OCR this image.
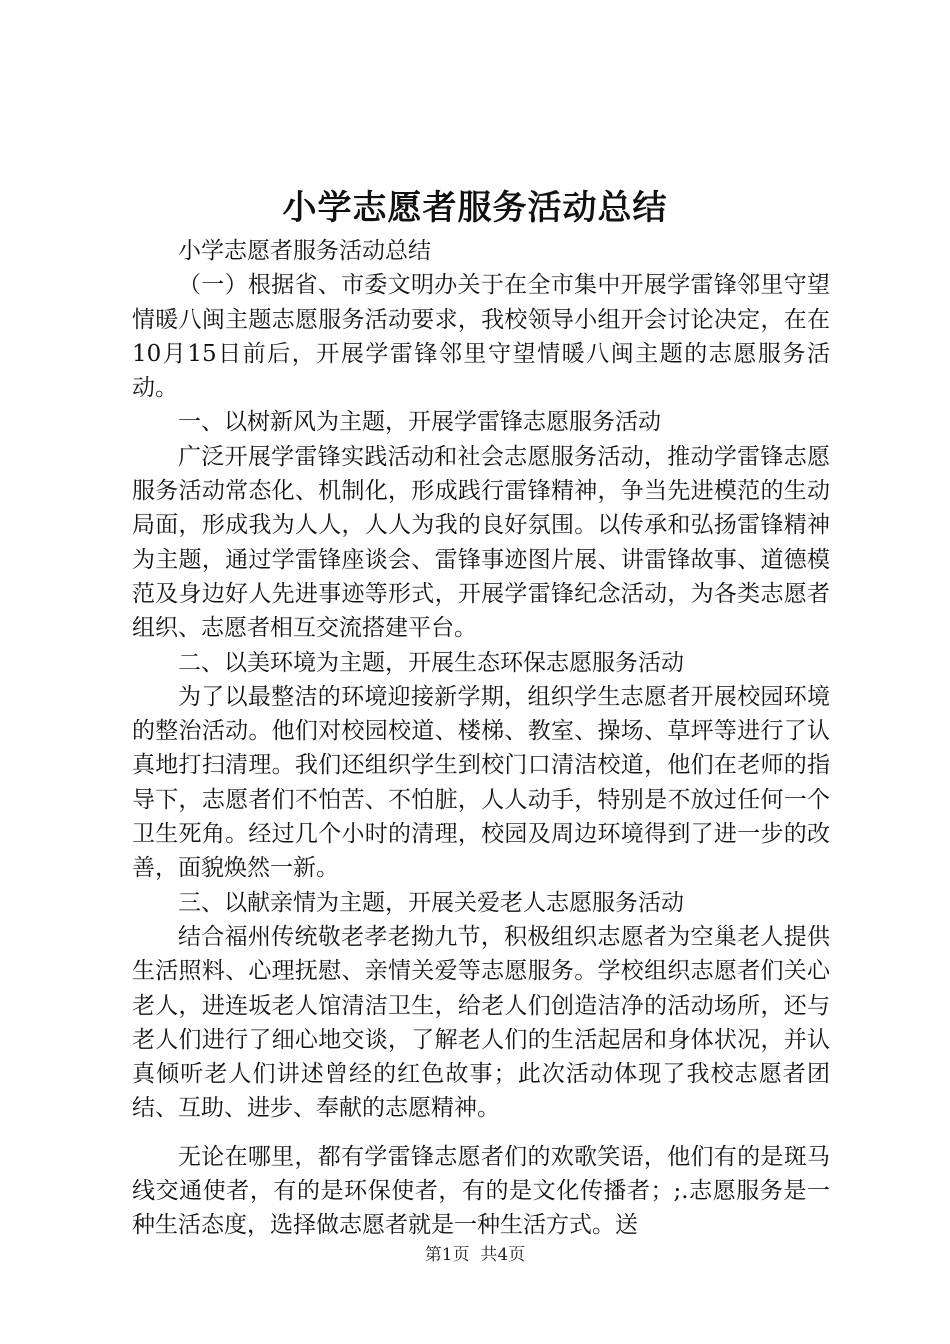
小学志愿者服务活动总结

小学志愿者服务活动总结

（一）根据省、市委文明办关于在全市集中开展学雷锋邻里守望情暖八闽主题志愿服务活动要求，我校领导小组开会讨论决定，在在10月15日前后，开展学雷锋邻里守望情暖八闽主题的志愿服务活动。

一、以树新风为主题，开展学雷锋志愿服务活动

广泛开展学雷锋实践活动和社会志愿服务活动，推动学雷锋志愿服务活动常态化、机制化，形成践行雷锋精神，争当先进模范的生动局面，形成我为人人，人人为我的良好氛围。以传承和弘扬雷锋精神为主题，通过学雷锋座谈会、雷锋事迹图片展、讲雷锋故事、道德模范及身边好人先进事迹等形式，开展学雷锋纪念活动，为各类志愿者组织、志愿者相互交流搭建平台。

二、以美环境为主题，开展生态环保志愿服务活动

为了以最整洁的环境迎接新学期，组织学生志愿者开展校园环境的整治活动。他们对校园校道、楼梯、教室、操场、草坪等进行了认真地打扫清理。我们还组织学生到校门口清洁校道，他们在老师的指导下，志愿者们不怕苦、不怕脏，人人动手，特别是不放过任何一个卫生死角。经过几个小时的清理，校园及周边环境得到了进一步的改善，面貌焕然一新。

三、以献亲情为主题，开展关爱老人志愿服务活动

结合福州传统敬老孝老拗九节，积极组织志愿者为空巢老人提供生活照料、心理抚慰、亲情关爱等志愿服务。学校组织志愿者们关心老人，进连坂老人馆清洁卫生，给老人们创造洁净的活动场所，还与老人们进行了细心地交谈，了解老人们的生活起居和身体状况，并认真倾听老人们讲述曾经的红色故事；此次活动体现了我校志愿者团结、互助、进步、奉献的志愿精神。

无论在哪里，都有学雷锋志愿者们的欢歌笑语，他们有的是斑马线交通使者，有的是环保使者，有的是文化传播者；;.志愿服务是一种生活态度，选择做志愿者就是一种生活方式。送

第1页  共4页
